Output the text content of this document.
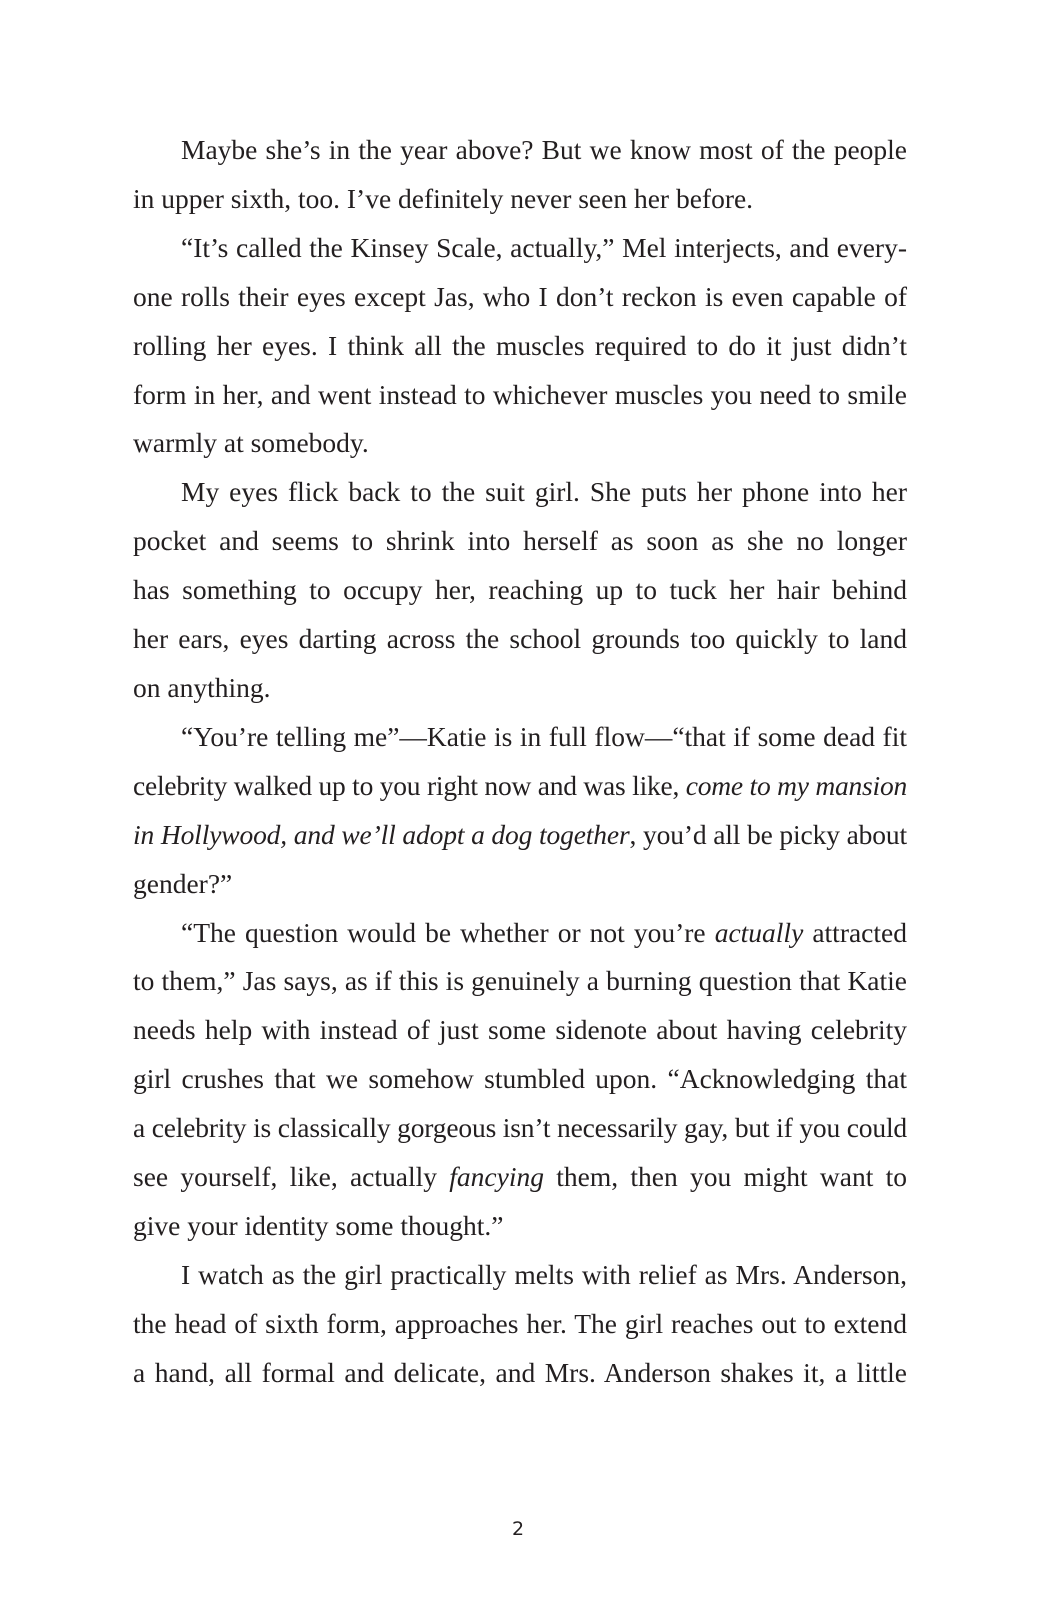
Maybe she’s in the year above? But we know most of the people
in upper sixth, too. I’ve definitely never seen her before.
“It’s called the Kinsey Scale, actually,” Mel interjects, and every-
one rolls their eyes except Jas, who I don’t reckon is even capable of
rolling her eyes. I think all the muscles required to do it just didn’t
form in her, and went instead to whichever muscles you need to smile
warmly at somebody.
My eyes flick back to the suit girl. She puts her phone into her
pocket and seems to shrink into herself as soon as she no longer
has something to occupy her, reaching up to tuck her hair behind
her ears, eyes darting across the school grounds too quickly to land
on anything.
“You’re telling me”—Katie is in full flow—“that if some dead fit
celebrity walked up to you right now and was like, come to my mansion
in Hollywood, and we’ll adopt a dog together, you’d all be picky about
gender?”
“The question would be whether or not you’re actually attracted
to them,” Jas says, as if this is genuinely a burning question that Katie
needs help with instead of just some sidenote about having celebrity
girl crushes that we somehow stumbled upon. “Acknowledging that
a celebrity is classically gorgeous isn’t necessarily gay, but if you could
see yourself, like, actually fancying them, then you might want to
give your identity some thought.”
I watch as the girl practically melts with relief as Mrs. Anderson,
the head of sixth form, approaches her. The girl reaches out to extend
a hand, all formal and delicate, and Mrs. Anderson shakes it, a little
2
